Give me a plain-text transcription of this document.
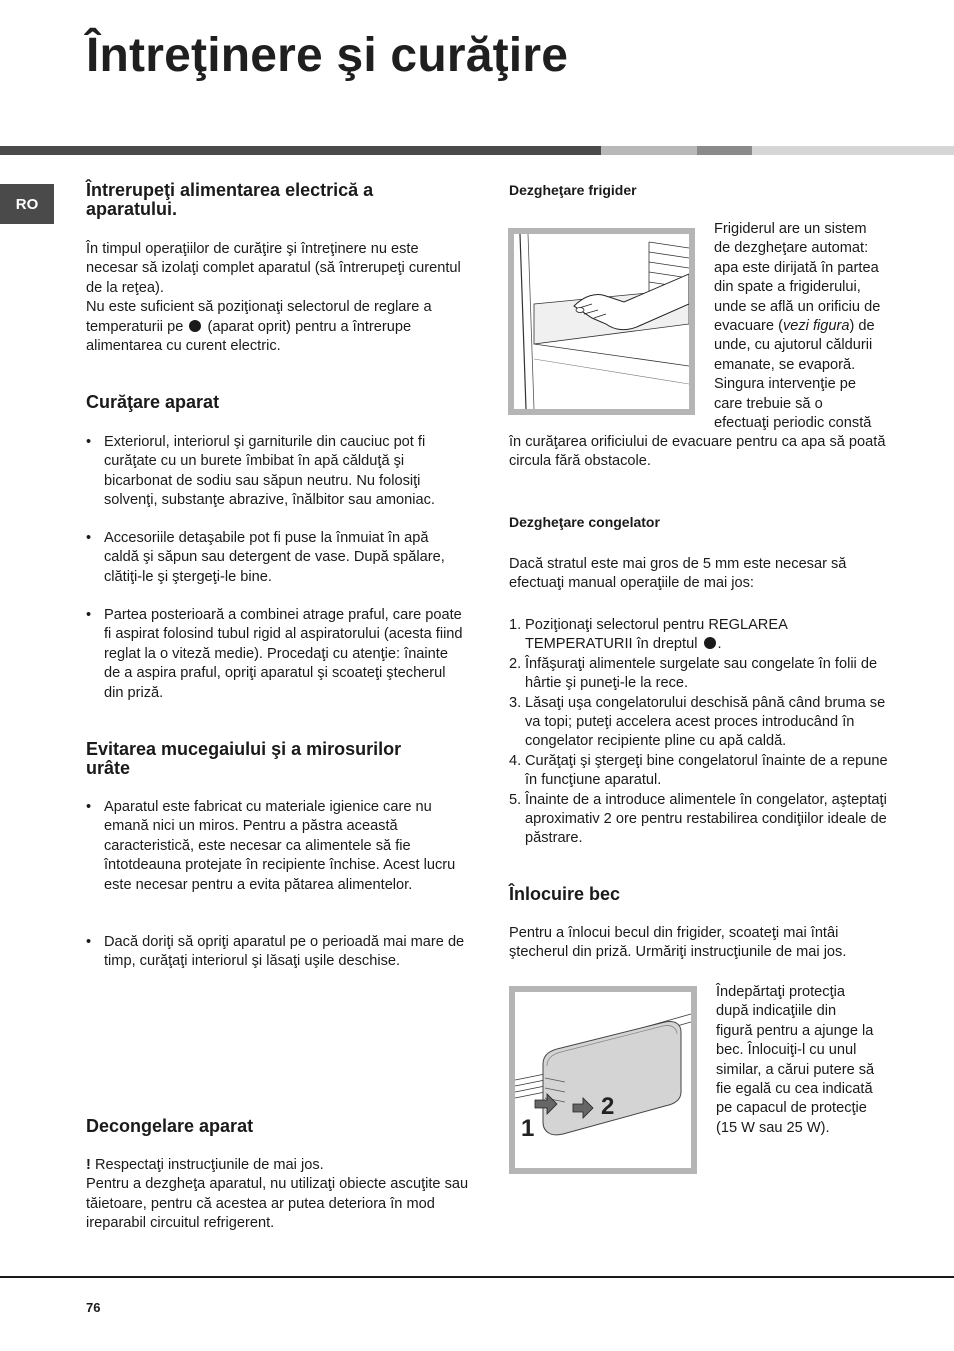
Întreţinere şi curăţire
RO
Întrerupeţi alimentarea electrică a aparatului.

În timpul operaţiilor de curăţire şi întreţinere nu este necesar să izolaţi complet aparatul (să întrerupeţi curentul de la reţea).

Nu este suficient să poziţionaţi selectorul de reglare a temperaturii pe (aparat oprit) pentru a întrerupe alimentarea cu curent electric.

Curăţare aparat
• Exteriorul, interiorul şi garniturile din cauciuc pot fi curăţate cu un burete îmbibat în apă călduţă şi bicarbonat de sodiu sau săpun neutru. Nu folosiţi solvenţi, substanţe abrazive, înălbitor sau amoniac.
• Accesoriile detaşabile pot fi puse la înmuiat în apă caldă şi săpun sau detergent de vase. După spălare, clătiţi-le şi ştergeţi-le bine.
• Partea posterioară a combinei atrage praful, care poate fi aspirat folosind tubul rigid al aspiratorului (acesta fiind reglat la o viteză medie). Procedaţi cu atenţie: înainte de a aspira praful, opriţi aparatul şi scoateţi ştecherul din priză.
Evitarea mucegaiului şi a mirosurilor urâte
• Aparatul este fabricat cu materiale igienice care nu emană nici un miros. Pentru a păstra această caracteristică, este necesar ca alimentele să fie întotdeauna protejate în recipiente închise. Acest lucru este necesar pentru a evita pătarea alimentelor.
• Dacă doriţi să opriţi aparatul pe o perioadă mai mare de timp, curăţaţi interiorul şi lăsaţi uşile deschise.
Decongelare aparat

! Respectaţi instrucţiunile de mai jos.

Pentru a dezgheţa aparatul, nu utilizaţi obiecte ascuţite sau tăietoare, pentru că acestea ar putea deteriora în mod ireparabil circuitul refrigerent.

Dezgheţare frigider

Frigiderul are un sistem

de dezgheţare automat:

apa este dirijată în partea

din spate a frigiderului,

unde se află un orificiu de

evacuare (vezi figura) de

unde, cu ajutorul căldurii

emanate, se evaporă.

Singura intervenţie pe

care trebuie să o

efectuaţi periodic constă

în curăţarea orificiului de evacuare pentru ca apa să poată circula fără obstacole.

Dezgheţare congelator

Dacă stratul este mai gros de 5 mm este necesar să efectuaţi manual operaţiile de mai jos:

1. Poziţionaţi selectorul pentru REGLAREA TEMPERATURII în dreptul .
2. Înfăşuraţi alimentele surgelate sau congelate în folii de hârtie şi puneţi-le la rece.
3. Lăsaţi uşa congelatorului deschisă până când bruma se va topi; puteţi accelera acest proces introducând în congelator recipiente pline cu apă caldă.
4. Curăţaţi şi ştergeţi bine congelatorul înainte de a repune în funcţiune aparatul.
5. Înainte de a introduce alimentele în congelator, aşteptaţi aproximativ 2 ore pentru restabilirea condiţiilor ideale de păstrare.
Înlocuire bec

Pentru a înlocui becul din frigider, scoateţi mai întâi ştecherul din priză. Urmăriţi instrucţiunile de mai jos.

1
2

Îndepărtaţi protecţia

după indicaţiile din

figură pentru a ajunge la

bec. Înlocuiţi-l cu unul

similar, a cărui putere să

fie egală cu cea indicată

pe capacul de protecţie

(15 W sau 25 W).

76
